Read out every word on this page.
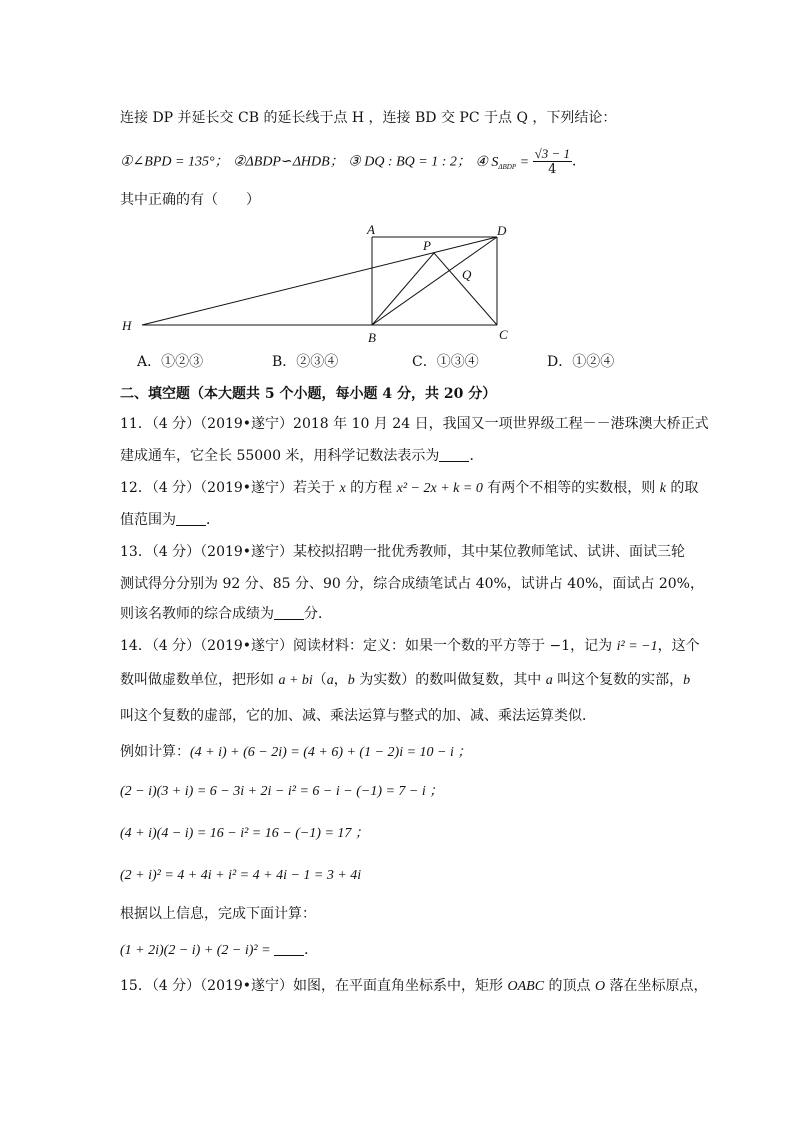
连接 DP 并延长交 CB 的延长线于点 H ，连接 BD 交 PC 于点 Q ，下列结论：
①∠BPD = 135°； ②ΔBDP∽ΔHDB； ③ DQ : BQ = 1 : 2； ④ $S_{\Delta BDP} = \frac{√3 - 1}{4}$ ．
其中正确的有（　　）
A	D
P
Q
H
B	C
A．①②③	B．②③④	C．①③④	D．①②④
二、填空题（本大题共 5 个小题，每小题 4 分，共 20 分）
11．（4 分）（2019•遂宁）2018 年 10 月 24 日，我国又一项世界级工程－－港珠澳大桥正式
建成通车，它全长 55000 米，用科学记数法表示为 ．
12．（4 分）（2019•遂宁）若关于 x 的方程 x² − 2x + k = 0 有两个不相等的实数根，则 k 的取
值范围为 ．
13．（4 分）（2019•遂宁）某校拟招聘一批优秀教师，其中某位教师笔试、试讲、面试三轮
测试得分分别为 92 分、85 分、90 分，综合成绩笔试占 40%，试讲占 40%，面试占 20%，
则该名教师的综合成绩为 分．
14．（4 分）（2019•遂宁）阅读材料：定义：如果一个数的平方等于 −1，记为 i² = −1，这个
数叫做虚数单位，把形如 a + bi（a，b 为实数）的数叫做复数，其中 a 叫这个复数的实部，b
叫这个复数的虚部，它的加、减、乘法运算与整式的加、减、乘法运算类似．
例如计算：(4 + i) + (6 − 2i) = (4 + 6) + (1 − 2)i = 10 − i ；
(2 − i)(3 + i) = 6 − 3i + 2i − i² = 6 − i − (−1) = 7 − i ；
(4 + i)(4 − i) = 16 − i² = 16 − (−1) = 17 ；
(2 + i)² = 4 + 4i + i² = 4 + 4i − 1 = 3 + 4i
根据以上信息，完成下面计算：
(1 + 2i)(2 − i) + (2 − i)² = ．
15．（4 分）（2019•遂宁）如图，在平面直角坐标系中，矩形 OABC 的顶点 O 落在坐标原点，
